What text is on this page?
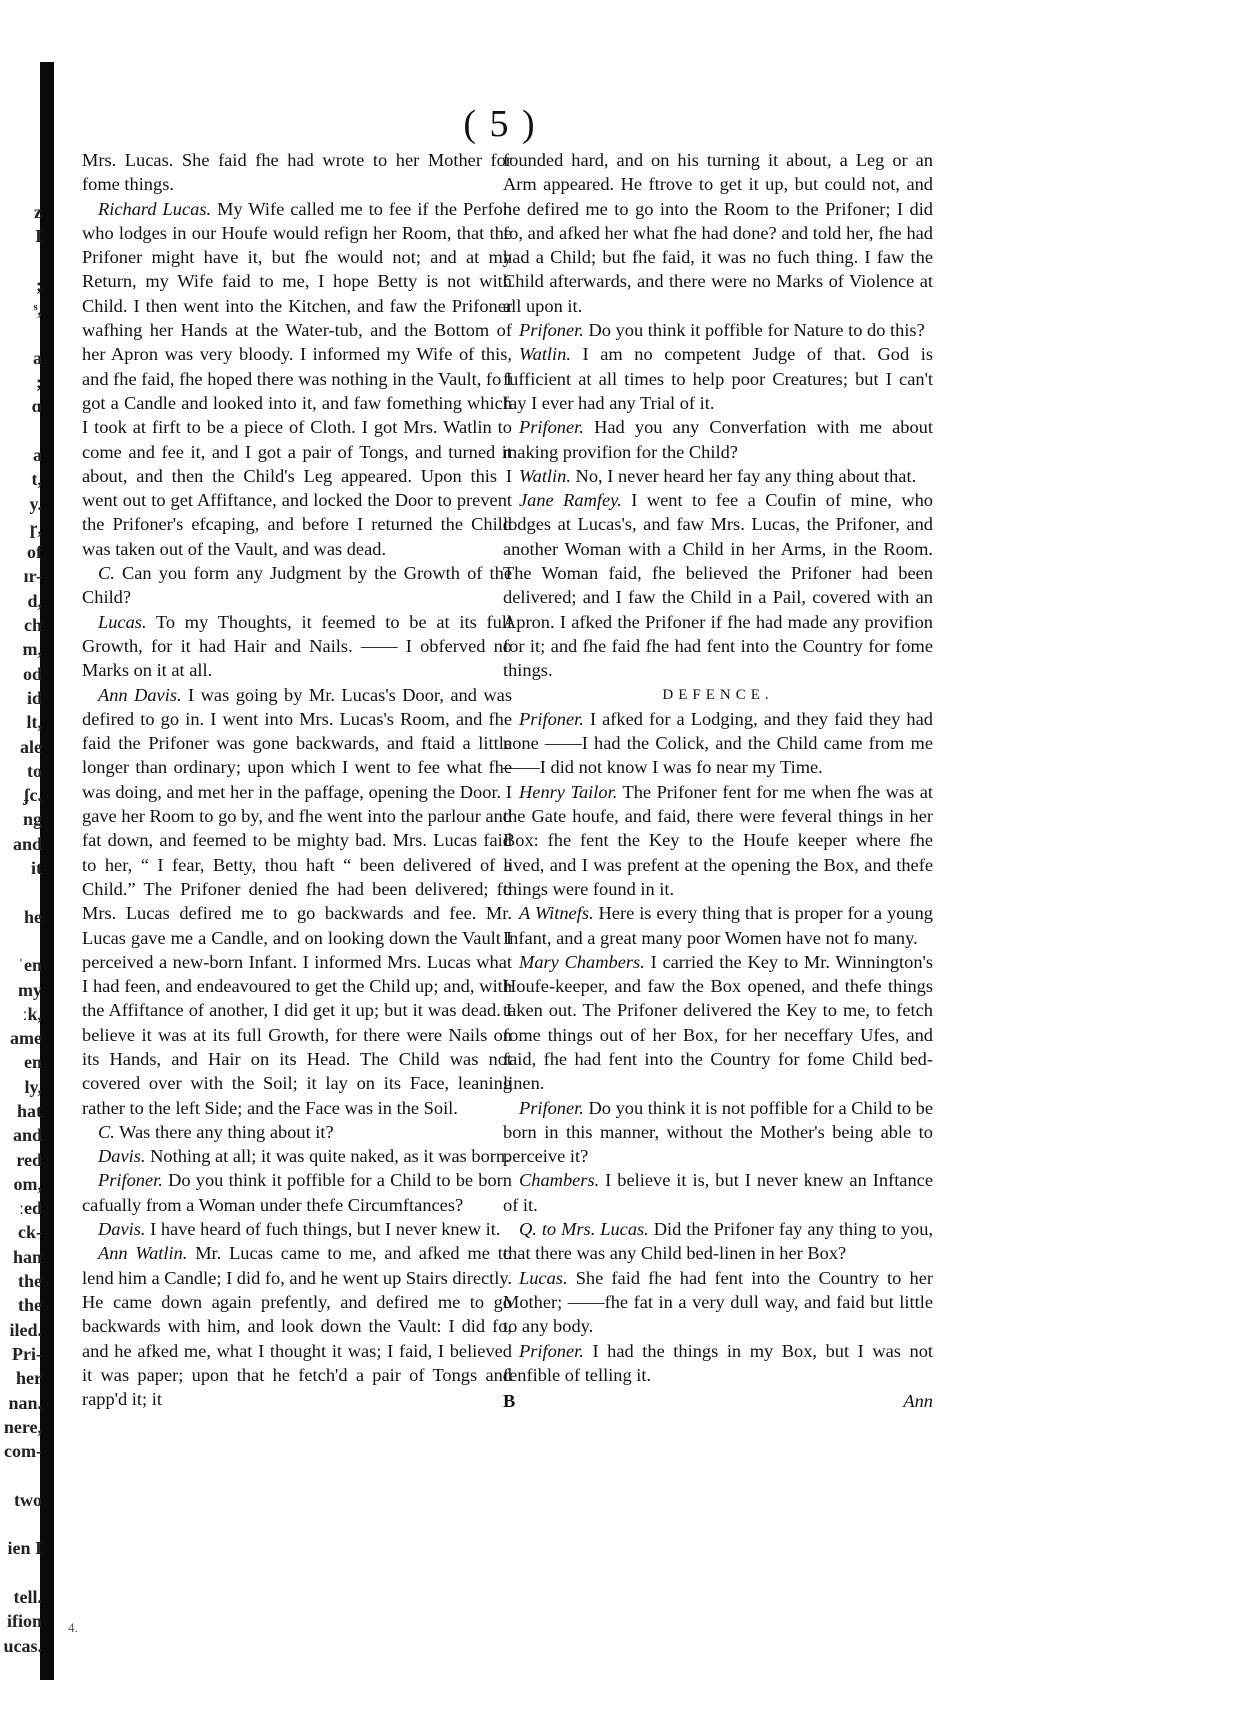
z
I
;
ˢ,
a
;
ɑ
a
t,
y.
ɼ,
of
ɪr-
d,
ch
m,
od
id
lt,
ale
to
ʄc.
ng
and
it
he
ˈen
my
ːk,
ame
en
ly,
hat
and
red
om,
ːed
ck-
han
the
the
iled.
Pri-
her
nan.
nere,
com-
two
ien I
tell.
ifion
ucas.
( 5 )

Mrs. Lucas. She faid fhe had wrote to her Mother for fome things.

Richard Lucas. My Wife called me to fee if the Perfon who lodges in our Houfe would refign her Room, that the Prifoner might have it, but fhe would not; and at my Return, my Wife faid to me, I hope Betty is not with Child. I then went into the Kitchen, and faw the Prifoner wafhing her Hands at the Water-tub, and the Bottom of her Apron was very bloody. I informed my Wife of this, and fhe faid, fhe hoped there was nothing in the Vault, fo I got a Candle and looked into it, and faw fomething which I took at firft to be a piece of Cloth. I got Mrs. Watlin to come and fee it, and I got a pair of Tongs, and turned it about, and then the Child's Leg appeared. Upon this I went out to get Affiftance, and locked the Door to prevent the Prifoner's efcaping, and before I returned the Child was taken out of the Vault, and was dead.

C. Can you form any Judgment by the Growth of the Child?

Lucas. To my Thoughts, it feemed to be at its full Growth, for it had Hair and Nails. —— I obferved no Marks on it at all.

Ann Davis. I was going by Mr. Lucas's Door, and was defired to go in. I went into Mrs. Lucas's Room, and fhe faid the Prifoner was gone backwards, and ftaid a little longer than ordinary; upon which I went to fee what fhe was doing, and met her in the paffage, opening the Door. I gave her Room to go by, and fhe went into the parlour and fat down, and feemed to be mighty bad. Mrs. Lucas faid to her, “ I fear, Betty, thou haft “ been delivered of a Child.” The Prifoner denied fhe had been delivered; fo Mrs. Lucas defired me to go backwards and fee. Mr. Lucas gave me a Candle, and on looking down the Vault I perceived a new-born Infant. I informed Mrs. Lucas what I had feen, and endeavoured to get the Child up; and, with the Affiftance of another, I did get it up; but it was dead. I believe it was at its full Growth, for there were Nails on its Hands, and Hair on its Head. The Child was not covered over with the Soil; it lay on its Face, leaning rather to the left Side; and the Face was in the Soil.

C. Was there any thing about it?

Davis. Nothing at all; it was quite naked, as it was born.

Prifoner. Do you think it poffible for a Child to be born cafually from a Woman under thefe Circumftances?

Davis. I have heard of fuch things, but I never knew it.

Ann Watlin. Mr. Lucas came to me, and afked me to lend him a Candle; I did fo, and he went up Stairs directly. He came down again prefently, and defired me to go backwards with him, and look down the Vault: I did fo, and he afked me, what I thought it was; I faid, I believed it was paper; upon that he fetch'd a pair of Tongs and rapp'd it; it

founded hard, and on his turning it about, a Leg or an Arm appeared. He ftrove to get it up, but could not, and he defired me to go into the Room to the Prifoner; I did fo, and afked her what fhe had done? and told her, fhe had had a Child; but fhe faid, it was no fuch thing. I faw the Child afterwards, and there were no Marks of Violence at all upon it.

Prifoner. Do you think it poffible for Nature to do this?

Watlin. I am no competent Judge of that. God is fufficient at all times to help poor Creatures; but I can't fay I ever had any Trial of it.

Prifoner. Had you any Converfation with me about making provifion for the Child?

Watlin. No, I never heard her fay any thing about that.

Jane Ramfey. I went to fee a Coufin of mine, who lodges at Lucas's, and faw Mrs. Lucas, the Prifoner, and another Woman with a Child in her Arms, in the Room. The Woman faid, fhe believed the Prifoner had been delivered; and I faw the Child in a Pail, covered with an Apron. I afked the Prifoner if fhe had made any provifion for it; and fhe faid fhe had fent into the Country for fome things.

DEFENCE.

Prifoner. I afked for a Lodging, and they faid they had none ——I had the Colick, and the Child came from me——I did not know I was fo near my Time.

Henry Tailor. The Prifoner fent for me when fhe was at the Gate houfe, and faid, there were feveral things in her Box: fhe fent the Key to the Houfe keeper where fhe lived, and I was prefent at the opening the Box, and thefe things were found in it.

A Witnefs. Here is every thing that is proper for a young Infant, and a great many poor Women have not fo many.

Mary Chambers. I carried the Key to Mr. Winnington's Houfe-keeper, and faw the Box opened, and thefe things taken out. The Prifoner delivered the Key to me, to fetch fome things out of her Box, for her neceffary Ufes, and faid, fhe had fent into the Country for fome Child bed-linen.

Prifoner. Do you think it is not poffible for a Child to be born in this manner, without the Mother's being able to perceive it?

Chambers. I believe it is, but I never knew an Inftance of it.

Q. to Mrs. Lucas. Did the Prifoner fay any thing to you, that there was any Child bed-linen in her Box?

Lucas. She faid fhe had fent into the Country to her Mother; ——fhe fat in a very dull way, and faid but little to any body.

Prifoner. I had the things in my Box, but I was not fenfible of telling it.

B	Ann
4.
